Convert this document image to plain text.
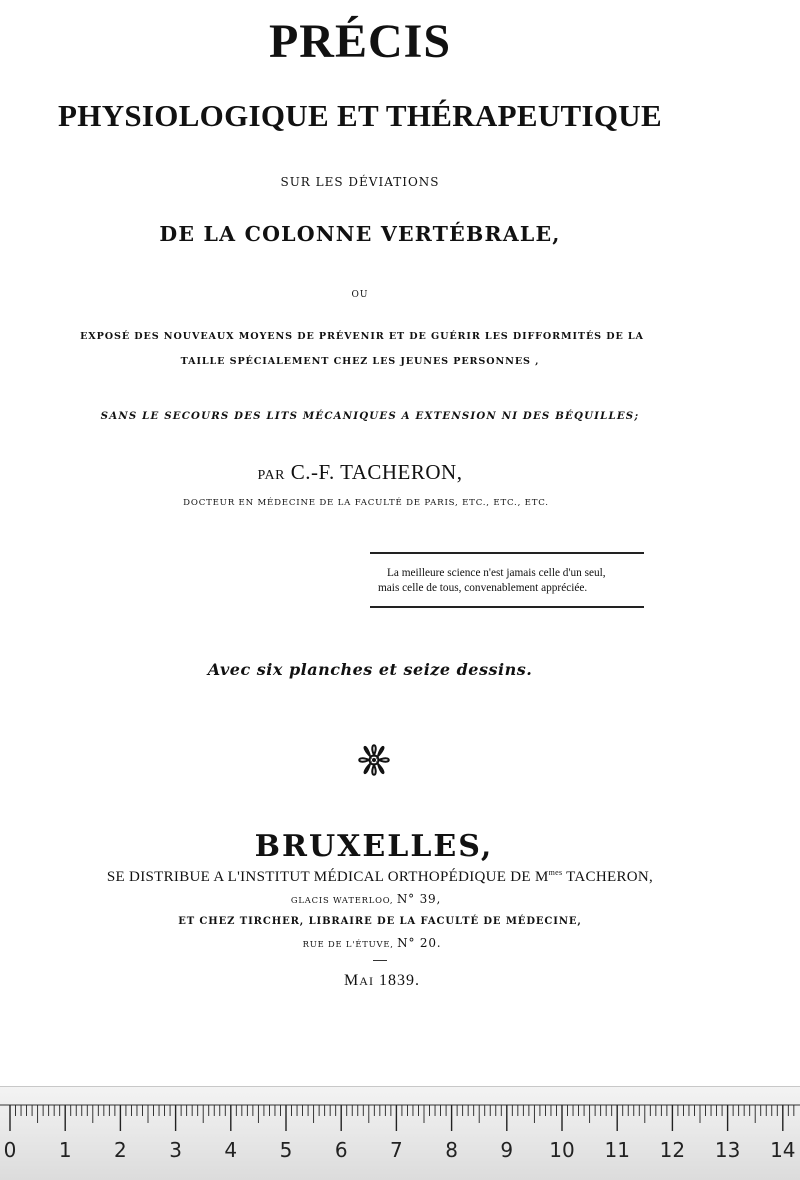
PRÉCIS

PHYSIOLOGIQUE ET THÉRAPEUTIQUE

SUR LES DÉVIATIONS

DE LA COLONNE VERTÉBRALE,

OU

EXPOSÉ DES NOUVEAUX MOYENS DE PRÉVENIR ET DE GUÉRIR LES DIFFORMITÉS DE LA

TAILLE SPÉCIALEMENT CHEZ LES JEUNES PERSONNES ,

SANS LE SECOURS DES LITS MÉCANIQUES A EXTENSION NI DES BÉQUILLES;

PAR C.-F. TACHERON,

DOCTEUR EN MÉDECINE DE LA FACULTÉ DE PARIS, ETC., ETC., ETC.

La meilleure science n'est jamais celle d'un seul,
mais celle de tous, convenablement appréciée.

Avec six planches et seize dessins.

BRUXELLES,

SE DISTRIBUE A L'INSTITUT MÉDICAL ORTHOPÉDIQUE DE $M^{mes}$ TACHERON,

GLACIS WATERLOO, N° 39,

ET CHEZ TIRCHER, LIBRAIRE DE LA FACULTÉ DE MÉDECINE,

RUE DE L'ÉTUVE, N° 20.

MAI 1839.

0 1 2 3 4 5 6 7 8 9 10 11 12 13 14
